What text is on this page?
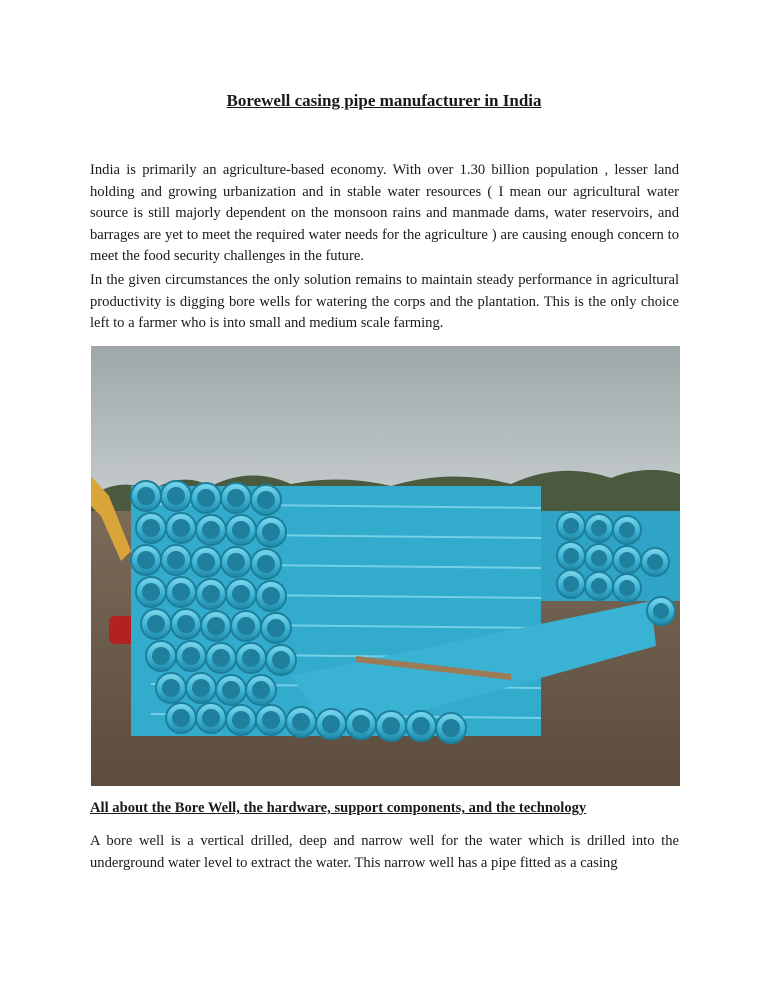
Borewell casing pipe manufacturer in India

India is primarily an agriculture-based economy. With over 1.30 billion population , lesser land holding and growing urbanization and in stable water resources ( I mean our agricultural water source is still majorly dependent on the monsoon rains and manmade dams, water reservoirs, and barrages are yet to meet the required water needs for the agriculture ) are causing enough concern to meet the food security challenges in the future.

In the given circumstances the only solution remains to maintain steady performance in agricultural productivity is digging bore wells for watering the corps and the plantation. This is the only choice left to a farmer who is into small and medium scale farming.

All about the Bore Well, the hardware, support components, and the technology

A bore well is a vertical drilled, deep and narrow well for the water which is drilled into the underground water level to extract the water. This narrow well has a pipe fitted as a casing
